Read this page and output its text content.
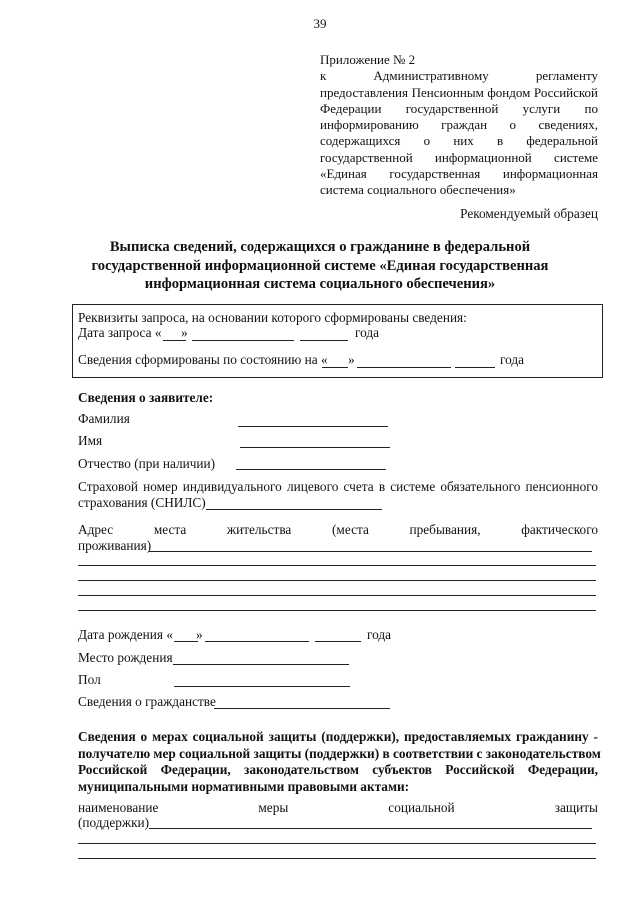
39
Приложение № 2
к Административному регламенту
предоставления Пенсионным фондом Российской
Федерации государственной услуги по
информированию граждан о сведениях,
содержащихся о них в федеральной
государственной информационной системе
«Единая государственная информационная
система социального обеспечения»
Рекомендуемый образец
Выписка сведений, содержащихся о гражданине в федеральной
государственной информационной системе «Единая государственная
информационная система социального обеспечения»
Реквизиты запроса, на основании которого сформированы сведения:
Дата запроса « »	года
Сведения сформированы по состоянию на « »	года
Сведения о заявителе:
Фамилия
Имя
Отчество (при наличии)
Страховой номер индивидуального лицевого счета в системе обязательного пенсионного
страхования (СНИЛС)
Адрес	места	жительства	(места	пребывания,	фактического
проживания)
Дата рождения « »	года
Место рождения
Пол
Сведения о гражданстве
Сведения о мерах социальной защиты (поддержки), предоставляемых гражданину -
получателю мер социальной защиты (поддержки) в соответствии с законодательством
Российской Федерации, законодательством субъектов Российской Федерации,
муниципальными нормативными правовыми актами:
наименование	меры	социальной	защиты
(поддержки)
